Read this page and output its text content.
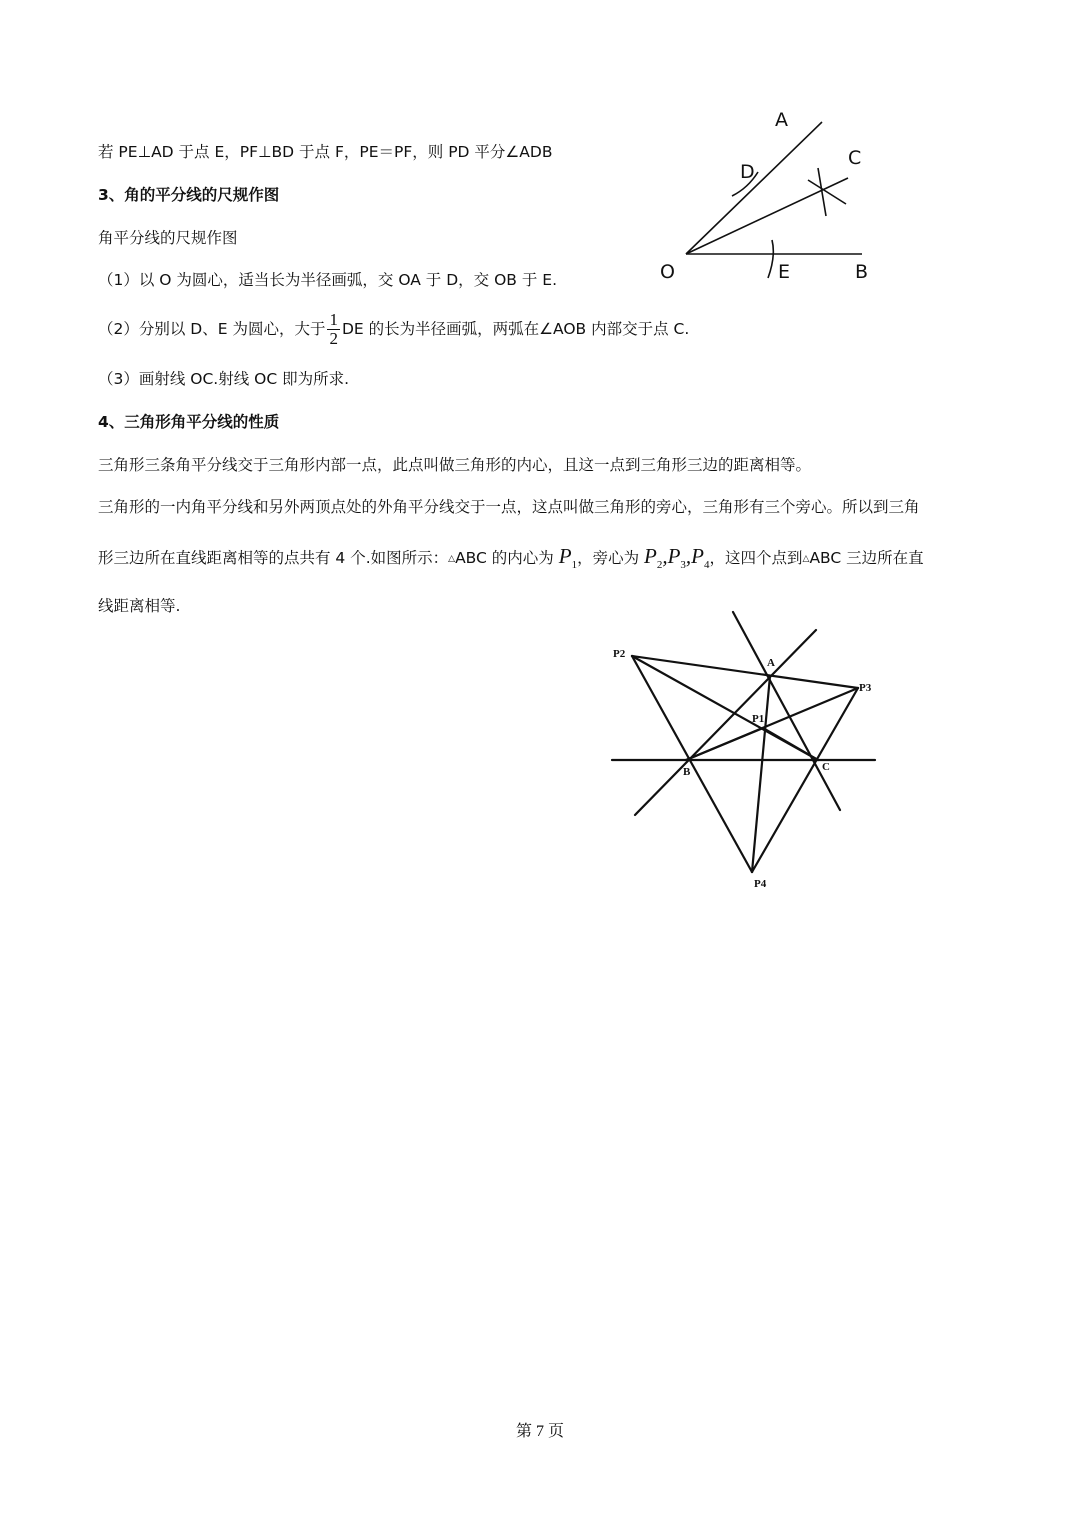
若 PE⊥AD 于点 E，PF⊥BD 于点 F，PE＝PF，则 PD 平分∠ADB
3、角的平分线的尺规作图
角平分线的尺规作图
（1）以 O 为圆心，适当长为半径画弧，交 OA 于 D，交 OB 于 E.
（2）分别以 D、E 为圆心，大于 $\frac{1}{2}$ DE 的长为半径画弧，两弧在∠AOB 内部交于点 C.
（3）画射线 OC.射线 OC 即为所求.
4、三角形角平分线的性质
三角形三条角平分线交于三角形内部一点，此点叫做三角形的内心，且这一点到三角形三边的距离相等。
三角形的一内角平分线和另外两顶点处的外角平分线交于一点，这点叫做三角形的旁心，三角形有三个旁心。所以到三角
形三边所在直线距离相等的点共有 4 个.如图所示：△ABC 的内心为 $P_1$，旁心为 $P_2,P_3,P_4$，这四个点到△ABC 三边所在直
线距离相等.
A
C
D
O	E	B
P2
A
P3
P1
B	C
P4
第 7 页
